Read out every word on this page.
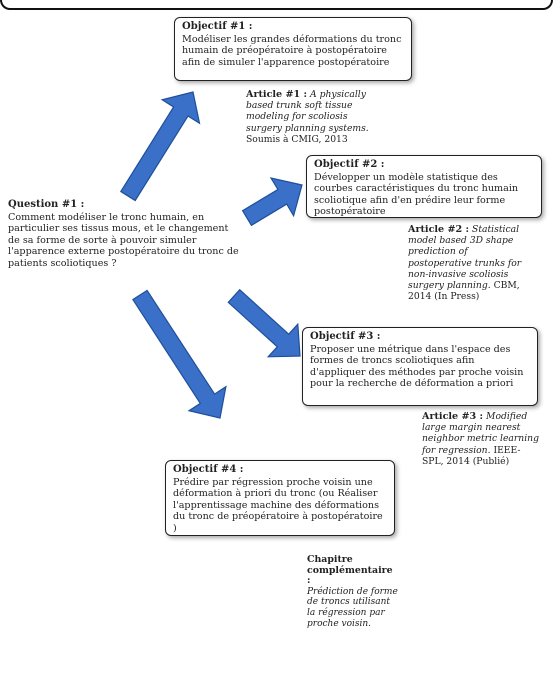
Question #1 :
Comment modéliser le tronc humain, en particulier ses tissus mous, et le changement de sa forme de sorte à pouvoir simuler l'apparence externe postopératoire du tronc de patients scoliotiques ?
Objectif #1 :
Modéliser les grandes déformations du tronc humain de préopératoire à postopératoire afin de simuler l'apparence postopératoire
Objectif #2 :
Développer un modèle statistique des courbes caractéristiques du tronc humain scoliotique afin d'en prédire leur forme postopératoire
Objectif #3 :
Proposer une métrique dans l'espace des formes de troncs scoliotiques afin d'appliquer des méthodes par proche voisin pour la recherche de déformation a priori
Objectif #4 :
Prédire par régression proche voisin une déformation à priori du tronc (ou Réaliser l'apprentissage machine des déformations du tronc de préopératoire à postopératoire )
Article #1 : A physically based trunk soft tissue modeling for scoliosis surgery planning systems. Soumis à CMIG, 2013
Article #2 : Statistical model based 3D shape prediction of postoperative trunks for non-invasive scoliosis surgery planning. CBM, 2014 (In Press)
Article #3 : Modified large margin nearest neighbor metric learning for regression. IEEE-SPL, 2014 (Publié)
Chapitre complémentaire :
Prédiction de forme de troncs utilisant la régression par proche voisin.
